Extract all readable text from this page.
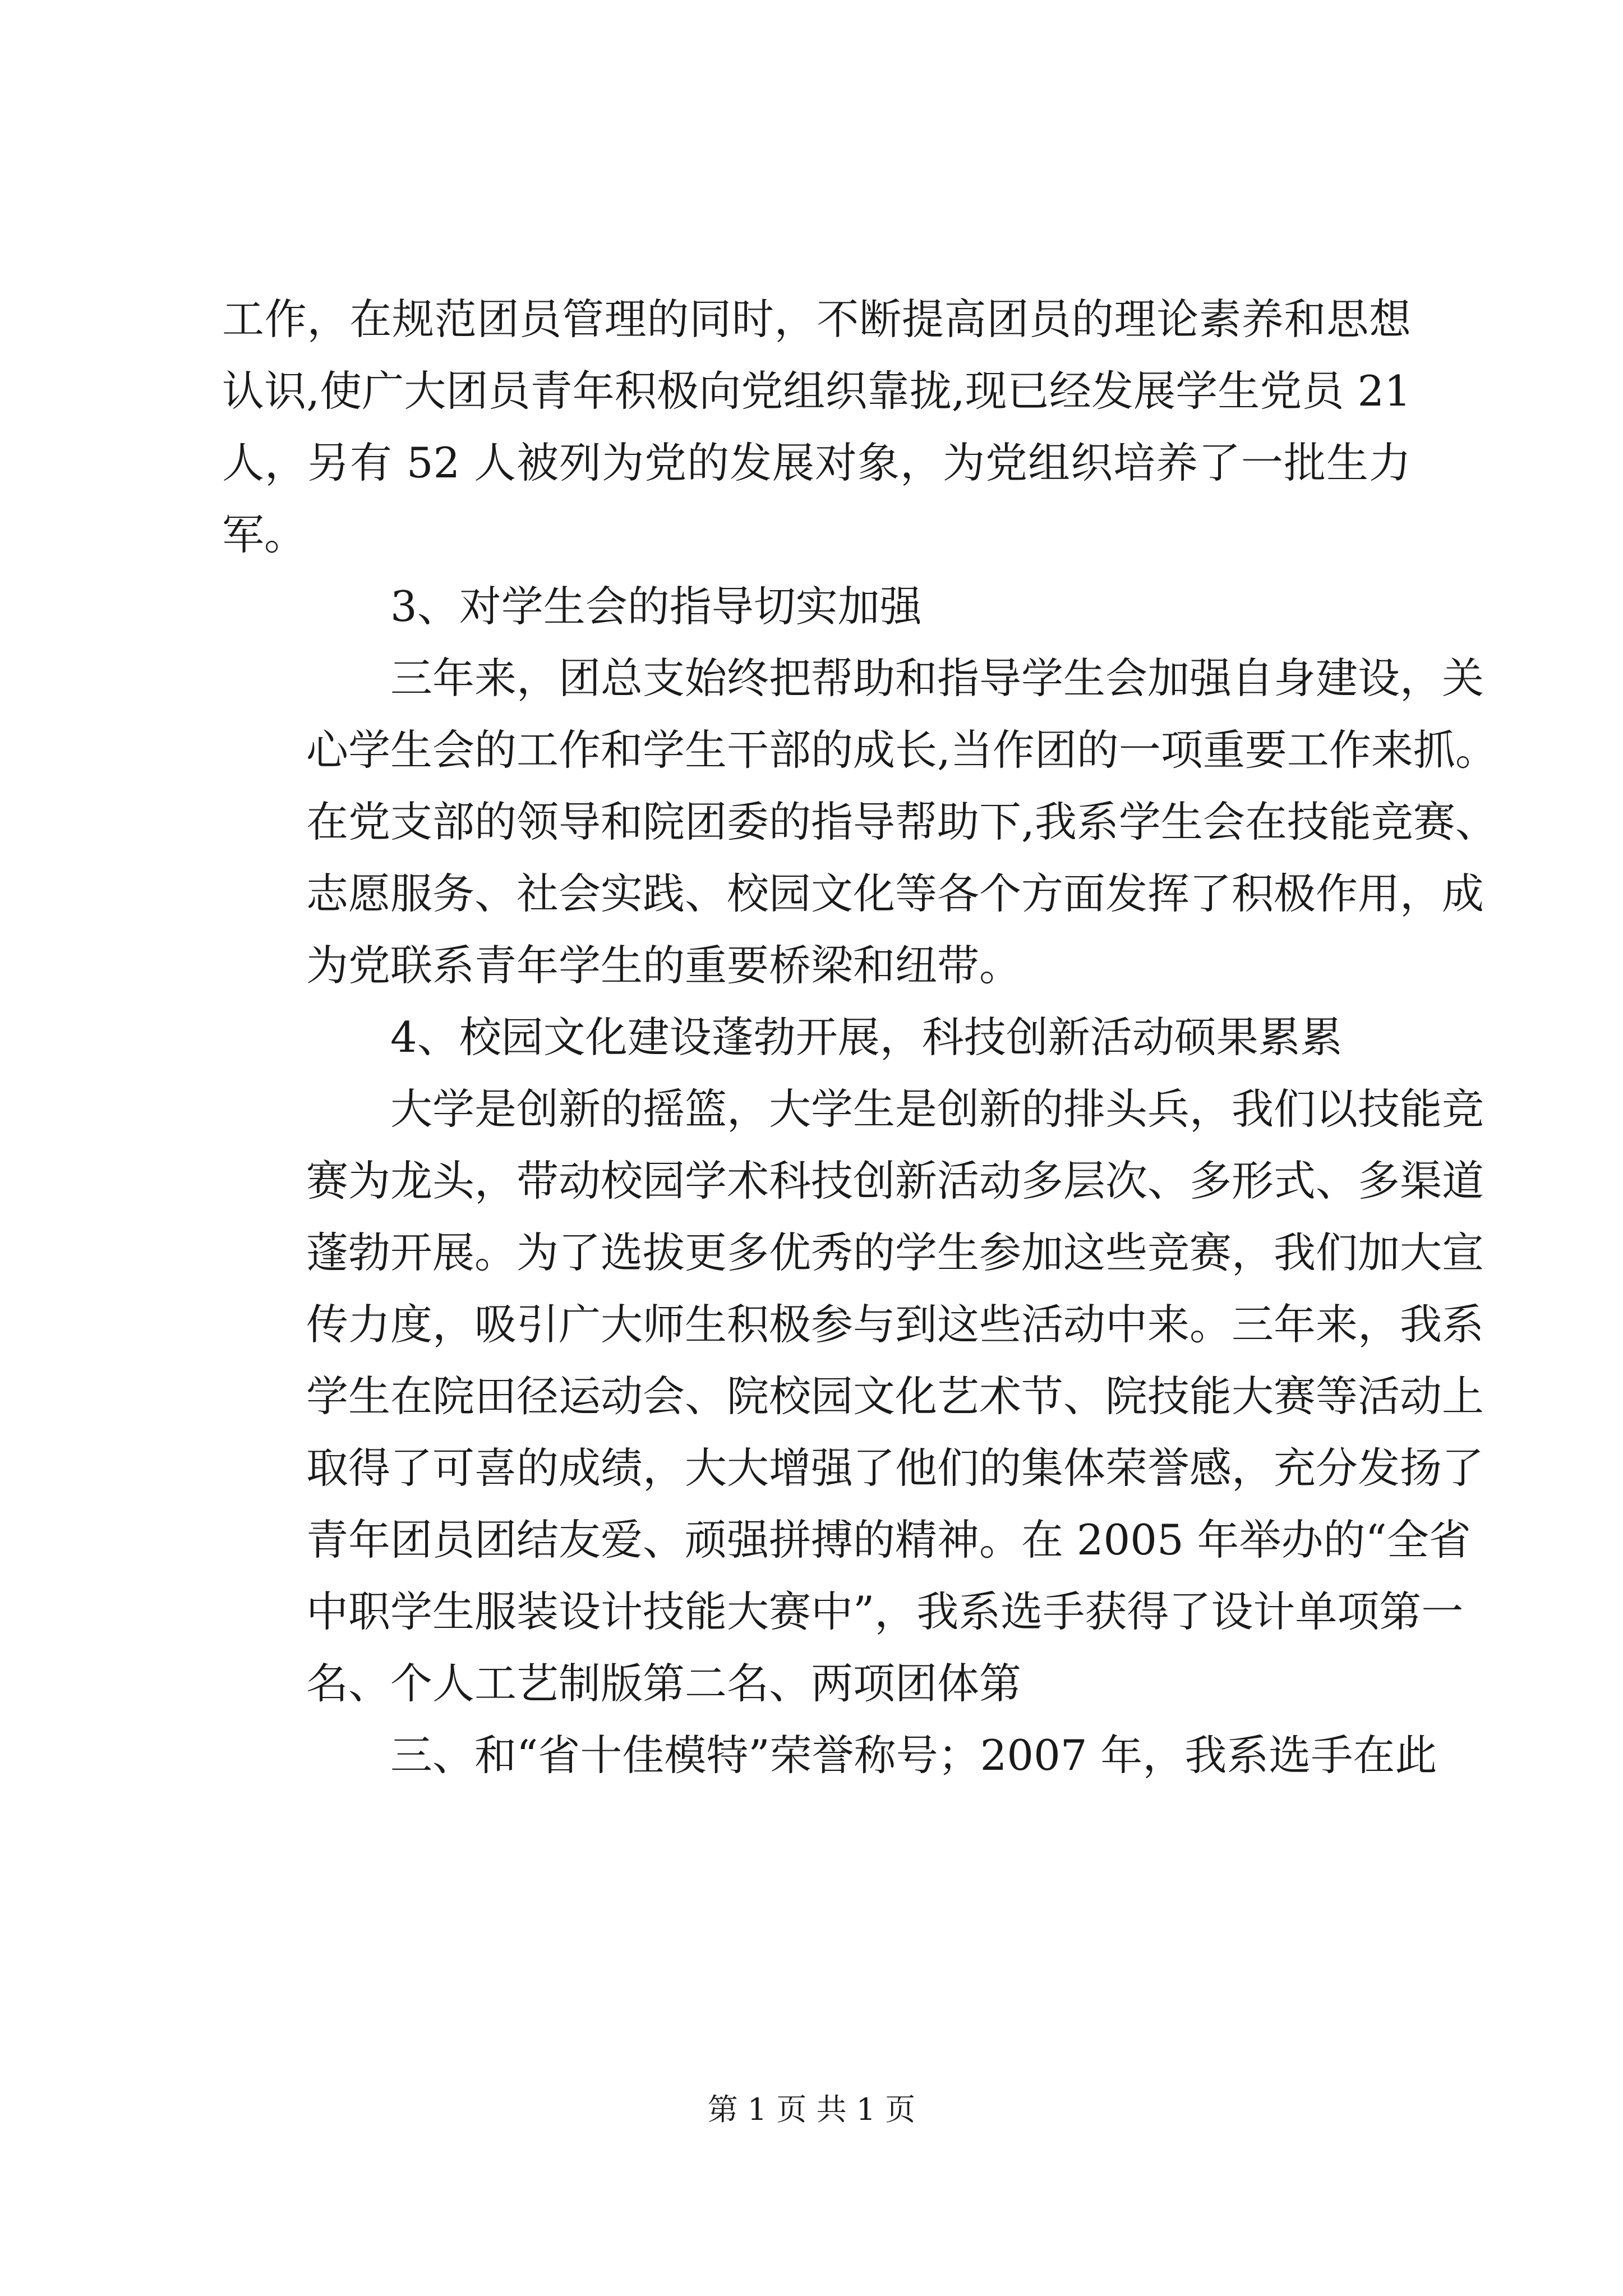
工作，在规范团员管理的同时，不断提高团员的理论素养和思想
认识,使广大团员青年积极向党组织靠拢,现已经发展学生党员 21
人，另有 52 人被列为党的发展对象，为党组织培养了一批生力
军。
3、对学生会的指导切实加强
三年来，团总支始终把帮助和指导学生会加强自身建设，关
心学生会的工作和学生干部的成长,当作团的一项重要工作来抓。
在党支部的领导和院团委的指导帮助下,我系学生会在技能竞赛、
志愿服务、社会实践、校园文化等各个方面发挥了积极作用，成
为党联系青年学生的重要桥梁和纽带。
4、校园文化建设蓬勃开展，科技创新活动硕果累累
大学是创新的摇篮，大学生是创新的排头兵，我们以技能竞
赛为龙头，带动校园学术科技创新活动多层次、多形式、多渠道
蓬勃开展。为了选拔更多优秀的学生参加这些竞赛，我们加大宣
传力度，吸引广大师生积极参与到这些活动中来。三年来，我系
学生在院田径运动会、院校园文化艺术节、院技能大赛等活动上
取得了可喜的成绩，大大增强了他们的集体荣誉感，充分发扬了
青年团员团结友爱、顽强拼搏的精神。在 2005 年举办的“全省
中职学生服装设计技能大赛中”，我系选手获得了设计单项第一
名、个人工艺制版第二名、两项团体第
三、和“省十佳模特”荣誉称号；2007 年，我系选手在此
第 1 页 共 1 页
